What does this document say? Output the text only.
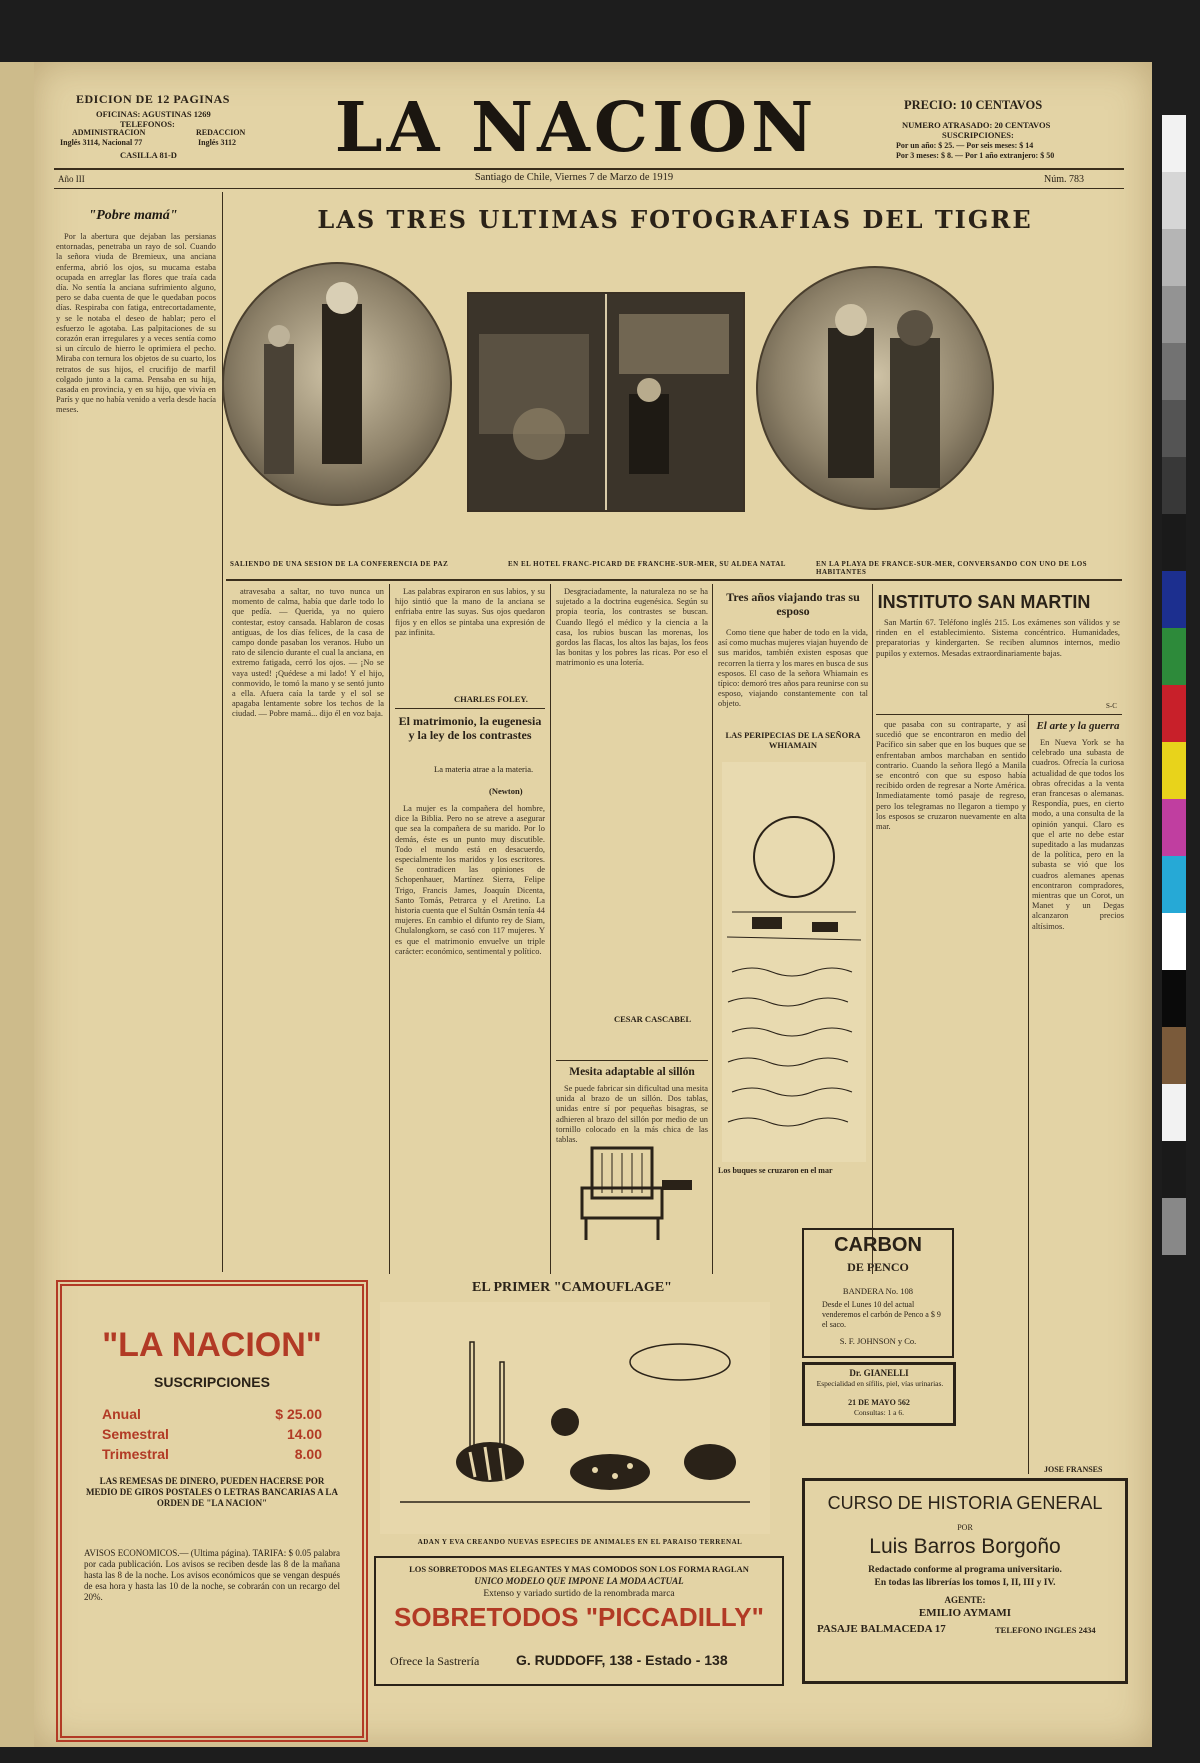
EDICION DE 12 PAGINAS
OFICINAS: AGUSTINAS 1269
TELEFONOS:
ADMINISTRACION
Inglés 3114, Nacional 77
REDACCION
Inglés 3112
CASILLA 81-D	LA NACION	PRECIO: 10 CENTAVOS
NUMERO ATRASADO: 20 CENTAVOS
SUSCRIPCIONES:
Por un año: $ 25. — Por seis meses: $ 14
Por 3 meses: $ 8. — Por 1 año extranjero: $ 50
Año III	Santiago de Chile, Viernes 7 de Marzo de 1919	Núm. 783
"Pobre mamá"

Por la abertura que dejaban las persianas entornadas, penetraba un rayo de sol. Cuando la señora viuda de Bremieux, una anciana enferma, abrió los ojos, su mucama estaba ocupada en arreglar las flores que traía cada día. No sentía la anciana sufrimiento alguno, pero se daba cuenta de que le quedaban pocos días. Respiraba con fatiga, entrecortadamente, y se le notaba el deseo de hablar; pero el esfuerzo le agotaba. Las palpitaciones de su corazón eran irregulares y a veces sentía como si un círculo de hierro le oprimiera el pecho. Miraba con ternura los objetos de su cuarto, los retratos de sus hijos, el crucifijo de marfil colgado junto a la cama. Pensaba en su hija, casada en provincia, y en su hijo, que vivía en París y que no había venido a verla desde hacía meses.

LAS TRES ULTIMAS FOTOGRAFIAS DEL TIGRE
SALIENDO DE UNA SESION DE LA CONFERENCIA DE PAZ	EN EL HOTEL FRANC-PICARD DE FRANCHE-SUR-MER, SU ALDEA NATAL	EN LA PLAYA DE FRANCE-SUR-MER, CONVERSANDO CON UNO DE LOS HABITANTES

atravesaba a saltar, no tuvo nunca un momento de calma, había que darle todo lo que pedía. — Querida, ya no quiero contestar, estoy cansada. Hablaron de cosas antiguas, de los días felices, de la casa de campo donde pasaban los veranos. Hubo un rato de silencio durante el cual la anciana, en extremo fatigada, cerró los ojos. — ¡No se vaya usted! ¡Quédese a mi lado! Y el hijo, conmovido, le tomó la mano y se sentó junto a ella. Afuera caía la tarde y el sol se apagaba lentamente sobre los techos de la ciudad. — Pobre mamá... dijo él en voz baja.

Las palabras expiraron en sus labios, y su hijo sintió que la mano de la anciana se enfriaba entre las suyas. Sus ojos quedaron fijos y en ellos se pintaba una expresión de paz infinita.

CHARLES FOLEY.
El matrimonio, la eugenesia y la ley de los contrastes
La materia atrae a la materia.
(Newton)

La mujer es la compañera del hombre, dice la Biblia. Pero no se atreve a asegurar que sea la compañera de su marido. Por lo demás, éste es un punto muy discutible. Todo el mundo está en desacuerdo, especialmente los maridos y los escritores. Se contradicen las opiniones de Schopenhauer, Martínez Sierra, Felipe Trigo, Francis James, Joaquín Dicenta, Santo Tomás, Petrarca y el Aretino. La historia cuenta que el Sultán Osmán tenía 44 mujeres. En cambio el difunto rey de Siam, Chulalongkorn, se casó con 117 mujeres. Y es que el matrimonio envuelve un triple carácter: económico, sentimental y político.

Desgraciadamente, la naturaleza no se ha sujetado a la doctrina eugenésica. Según su propia teoría, los contrastes se buscan. Cuando llegó el médico y la ciencia a la casa, los rubios buscan las morenas, los gordos las flacas, los altos las bajas, los feos las bonitas y los pobres las ricas. Por eso el matrimonio es una lotería.

CESAR CASCABEL
Mesita adaptable al sillón

Se puede fabricar sin dificultad una mesita unida al brazo de un sillón. Dos tablas, unidas entre sí por pequeñas bisagras, se adhieren al brazo del sillón por medio de un tornillo colocado en la más chica de las tablas.

Tres años viajando tras su esposo

Como tiene que haber de todo en la vida, así como muchas mujeres viajan huyendo de sus maridos, también existen esposas que recorren la tierra y los mares en busca de sus esposos. El caso de la señora Whiamain es típico: demoró tres años para reunirse con su esposo, viajando constantemente con tal objeto.

LAS PERIPECIAS DE LA SEÑORA WHIAMAIN
Los buques se cruzaron en el mar
INSTITUTO SAN MARTIN

San Martín 67. Teléfono inglés 215. Los exámenes son válidos y se rinden en el establecimiento. Sistema concéntrico. Humanidades, preparatorias y kindergarten. Se reciben alumnos internos, medio pupilos y externos. Mesadas extraordinariamente bajas.

S-C

que pasaba con su contraparte, y así sucedió que se encontraron en medio del Pacífico sin saber que en los buques que se enfrentaban ambos marchaban en sentido contrario. Cuando la señora llegó a Manila se encontró con que su esposo había recibido orden de regresar a Norte América. Inmediatamente tomó pasaje de regreso, pero los telegramas no llegaron a tiempo y los esposos se cruzaron nuevamente en alta mar.

El arte y la guerra

En Nueva York se ha celebrado una subasta de cuadros. Ofrecía la curiosa actualidad de que todos los obras ofrecidas a la venta eran francesas o alemanas. Respondía, pues, en cierto modo, a una consulta de la opinión yanqui. Claro es que el arte no debe estar supeditado a las mudanzas de la política, pero en la subasta se vió que los cuadros alemanes apenas encontraron compradores, mientras que un Corot, un Manet y un Degas alcanzaron precios altísimos.

JOSE FRANSES
"LA NACION"
SUSCRIPCIONES
Anual	$ 25.00
Semestral	14.00
Trimestral	8.00
LAS REMESAS DE DINERO, PUEDEN HACERSE POR MEDIO DE GIROS POSTALES O LETRAS BANCARIAS A LA ORDEN DE "LA NACION"
AVISOS ECONOMICOS.— (Ultima página). TARIFA: $ 0.05 palabra por cada publicación. Los avisos se reciben desde las 8 de la mañana hasta las 8 de la noche. Los avisos económicos que se vengan después de esa hora y hasta las 10 de la noche, se cobrarán con un recargo del 20%.
EL PRIMER "CAMOUFLAGE"
ADAN Y EVA CREANDO NUEVAS ESPECIES DE ANIMALES EN EL PARAISO TERRENAL
LOS SOBRETODOS MAS ELEGANTES Y MAS COMODOS SON LOS FORMA RAGLAN
UNICO MODELO QUE IMPONE LA MODA ACTUAL
Extenso y variado surtido de la renombrada marca
SOBRETODOS "PICCADILLY"
Ofrece la Sastrería	G. RUDDOFF, 138 - Estado - 138
CARBON
DE PENCO
BANDERA No. 108
Desde el Lunes 10 del actual venderemos el carbón de Penco a $ 9 el saco.
S. F. JOHNSON y Co.
Dr. GIANELLI
Especialidad en sífilis, piel, vías urinarias.
21 DE MAYO 562
Consultas: 1 a 6.
CURSO DE HISTORIA GENERAL
POR
Luis Barros Borgoño
Redactado conforme al programa universitario.
En todas las librerías los tomos I, II, III y IV.
AGENTE:
EMILIO AYMAMI
PASAJE BALMACEDA 17	TELEFONO INGLES 2434
